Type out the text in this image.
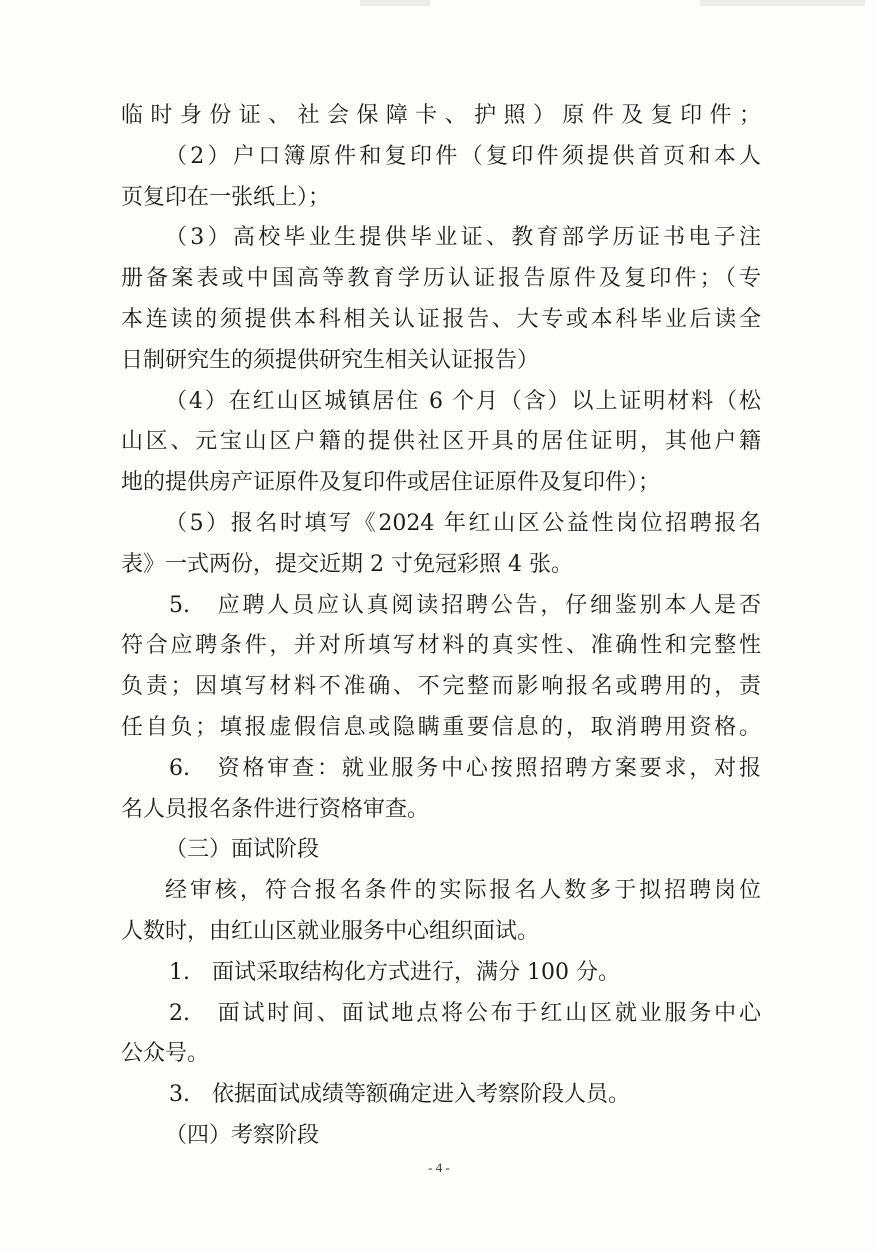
临时身份证、社会保障卡、护照）原件及复印件；
（2）户口簿原件和复印件（复印件须提供首页和本人
页复印在一张纸上）；
（3）高校毕业生提供毕业证、教育部学历证书电子注
册备案表或中国高等教育学历认证报告原件及复印件；（专
本连读的须提供本科相关认证报告、大专或本科毕业后读全
日制研究生的须提供研究生相关认证报告）
（4）在红山区城镇居住 6 个月（含）以上证明材料（松
山区、元宝山区户籍的提供社区开具的居住证明，其他户籍
地的提供房产证原件及复印件或居住证原件及复印件）；
（5）报名时填写《2024 年红山区公益性岗位招聘报名
表》一式两份，提交近期 2 寸免冠彩照 4 张。
5.　应聘人员应认真阅读招聘公告，仔细鉴别本人是否
符合应聘条件，并对所填写材料的真实性、准确性和完整性
负责；因填写材料不准确、不完整而影响报名或聘用的，责
任自负；填报虚假信息或隐瞒重要信息的，取消聘用资格。
6.　资格审查：就业服务中心按照招聘方案要求，对报
名人员报名条件进行资格审查。
（三）面试阶段
经审核，符合报名条件的实际报名人数多于拟招聘岗位
人数时，由红山区就业服务中心组织面试。
1.　面试采取结构化方式进行，满分 100 分。
2.　面试时间、面试地点将公布于红山区就业服务中心
公众号。
3.　依据面试成绩等额确定进入考察阶段人员。
（四）考察阶段
- 4 -
